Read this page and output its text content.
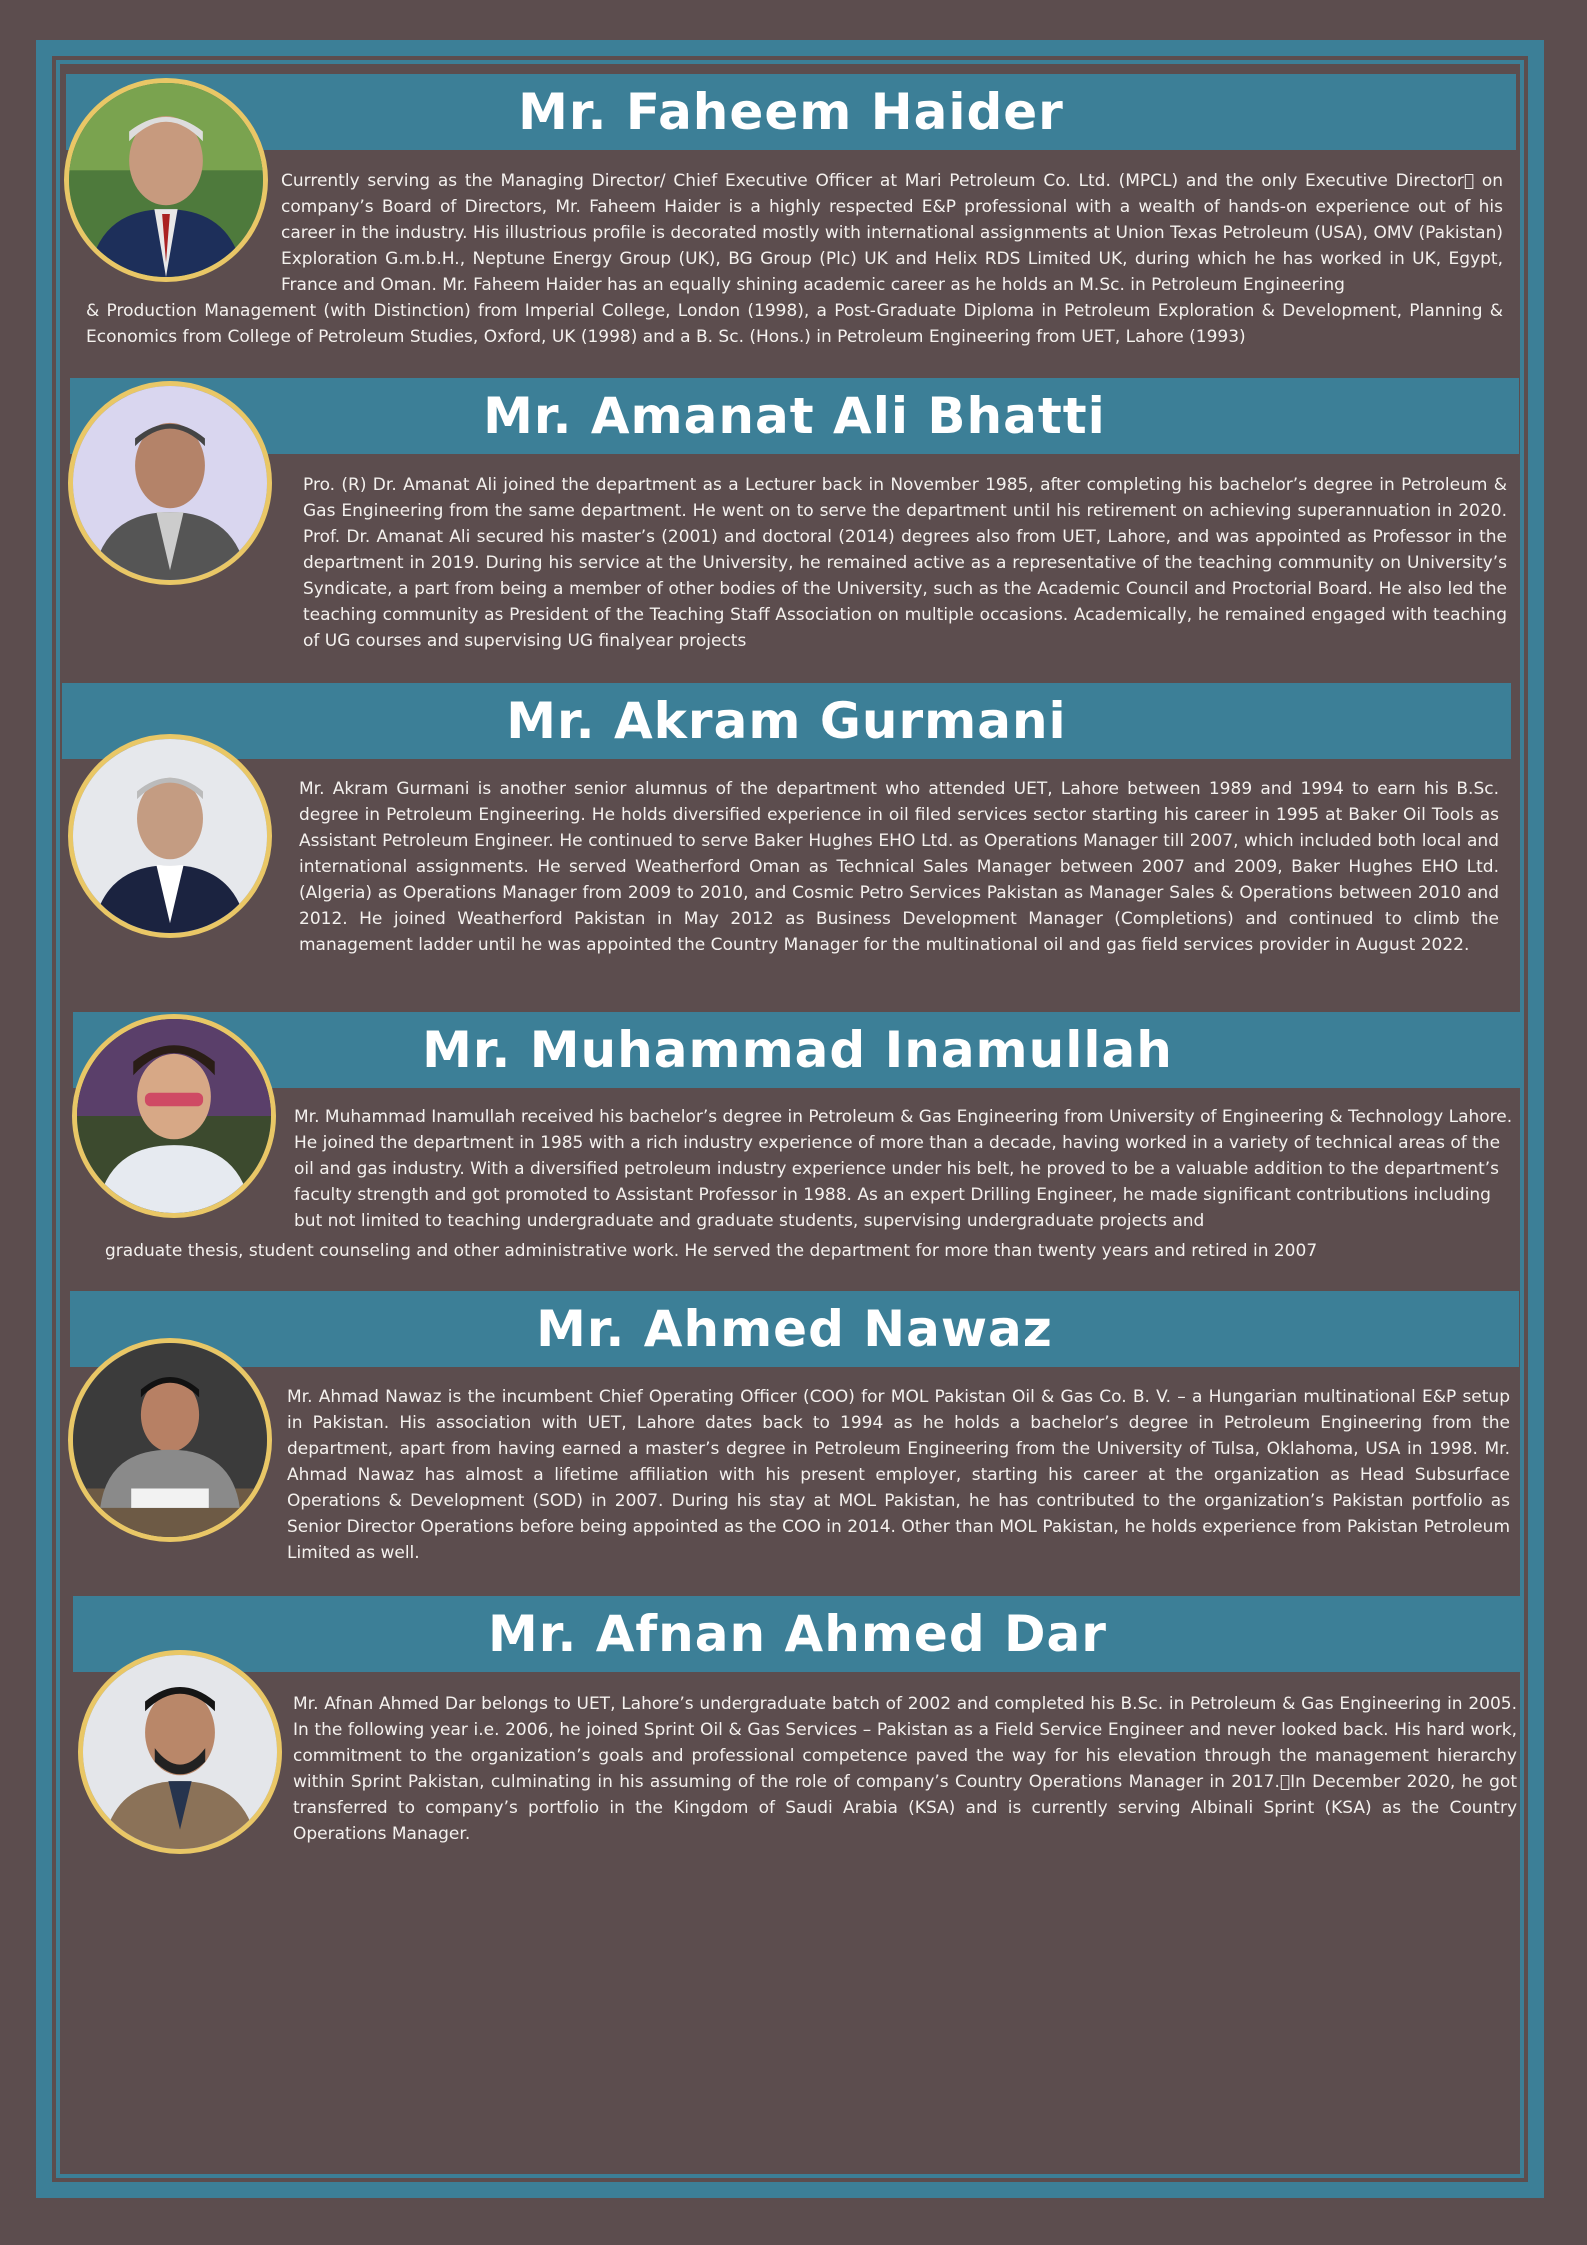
Mr. Faheem Haider
Currently serving as the Managing Director/ Chief Executive Officer at Mari Petroleum Co. Ltd. (MPCL) and the only Executive Director  on company’s Board of Directors, Mr. Faheem Haider is a highly respected E&P professional with a wealth of hands-on experience out of his career in the industry. His illustrious profile is decorated mostly with international assignments at Union Texas Petroleum (USA), OMV (Pakistan) Exploration G.m.b.H., Neptune Energy Group (UK), BG Group (Plc) UK and Helix RDS Limited UK, during which he has worked in UK, Egypt, France and Oman. Mr. Faheem Haider has an equally shining academic career as he holds an M.Sc. in Petroleum Engineering
& Production Management (with Distinction) from Imperial College, London (1998), a Post-Graduate Diploma in Petroleum Exploration & Development, Planning & Economics from College of Petroleum Studies, Oxford, UK (1998) and a B. Sc. (Hons.) in Petroleum Engineering from UET, Lahore (1993)
Mr. Amanat Ali Bhatti
Pro. (R) Dr. Amanat Ali joined the department as a Lecturer back in November 1985, after completing his bachelor’s degree in Petroleum & Gas Engineering from the same department. He went on to serve the department until his retirement on achieving superannuation in 2020. Prof. Dr. Amanat Ali secured his master’s (2001) and doctoral (2014) degrees also from UET, Lahore, and was appointed as Professor in the department in 2019. During his service at the University, he remained active as a representative of the teaching community on University’s Syndicate, a part from being a member of other bodies of the University, such as the Academic Council and Proctorial Board. He also led the teaching community as President of the Teaching Staff Association on multiple occasions. Academically, he remained engaged with teaching of UG courses and supervising UG finalyear projects
Mr. Akram Gurmani
Mr. Akram Gurmani is another senior alumnus of the department who attended UET, Lahore between 1989 and 1994 to earn his B.Sc. degree in Petroleum Engineering. He holds diversified experience in oil filed services sector starting his career in 1995 at Baker Oil Tools as Assistant Petroleum Engineer. He continued to serve Baker Hughes EHO Ltd. as Operations Manager till 2007, which included both local and international assignments. He served Weatherford Oman as Technical Sales Manager between 2007 and 2009, Baker Hughes EHO Ltd. (Algeria) as Operations Manager from 2009 to 2010, and Cosmic Petro Services Pakistan as Manager Sales & Operations between 2010 and 2012. He joined Weatherford Pakistan in May 2012 as Business Development Manager (Completions) and continued to climb the management ladder until he was appointed the Country Manager for the multinational oil and gas field services provider in August 2022.
Mr. Muhammad Inamullah
Mr. Muhammad Inamullah received his bachelor’s degree in Petroleum & Gas Engineering from University of Engineering & Technology Lahore. He joined the department in 1985 with a rich industry experience of more than a decade, having worked in a variety of technical areas of the oil and gas industry. With a diversified petroleum industry experience under his belt, he proved to be a valuable addition to the department’s faculty strength and got promoted to Assistant Professor in 1988. As an expert Drilling Engineer, he made significant contributions including but not limited to teaching undergraduate and graduate students, supervising undergraduate projects and
graduate thesis, student counseling and other administrative work. He served the department for more than twenty years and retired in 2007
Mr. Ahmed Nawaz
Mr. Ahmad Nawaz is the incumbent Chief Operating Officer (COO) for MOL Pakistan Oil & Gas Co. B. V. – a Hungarian multinational E&P setup in Pakistan. His association with UET, Lahore dates back to 1994 as he holds a bachelor’s degree in Petroleum Engineering from the department, apart from having earned a master’s degree in Petroleum Engineering from the University of Tulsa, Oklahoma, USA in 1998. Mr. Ahmad Nawaz has almost a lifetime affiliation with his present employer, starting his career at the organization as Head Subsurface Operations & Development (SOD) in 2007. During his stay at MOL Pakistan, he has contributed to the organization’s Pakistan portfolio as Senior Director Operations before being appointed as the COO in 2014. Other than MOL Pakistan, he holds experience from Pakistan Petroleum Limited as well.
Mr. Afnan Ahmed Dar
Mr. Afnan Ahmed Dar belongs to UET, Lahore’s undergraduate batch of 2002 and completed his B.Sc. in Petroleum & Gas Engineering in 2005. In the following year i.e. 2006, he joined Sprint Oil & Gas Services – Pakistan as a Field Service Engineer and never looked back. His hard work, commitment to the organization’s goals and professional competence paved the way for his elevation through the management hierarchy within Sprint Pakistan, culminating in his assuming of the role of company’s Country Operations Manager in 2017. In December 2020, he got transferred to company’s portfolio in the Kingdom of Saudi Arabia (KSA) and is currently serving Albinali Sprint (KSA) as the Country Operations Manager.
